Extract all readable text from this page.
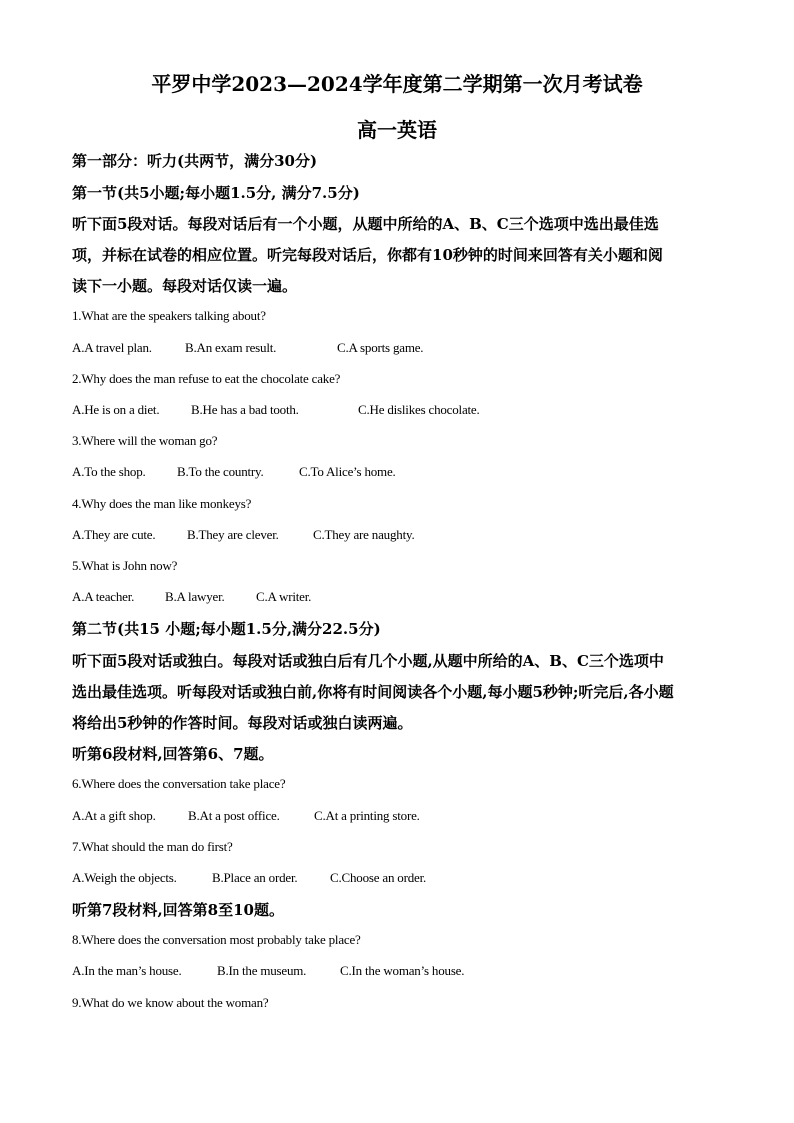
平罗中学2023—2024学年度第二学期第一次月考试卷
高一英语
第一部分：听力(共两节，满分30分)
第一节(共5小题;每小题1.5分, 满分7.5分)
听下面5段对话。每段对话后有一个小题，从题中所给的A、B、C三个选项中选出最佳选
项，并标在试卷的相应位置。听完每段对话后，你都有10秒钟的时间来回答有关小题和阅
读下一小题。每段对话仅读一遍。
1.What are the speakers talking about?
A.A travel plan.	B.An exam result.	C.A sports game.
2.Why does the man refuse to eat the chocolate cake?
A.He is on a diet. B.He has a bad tooth.	C.He dislikes chocolate.
3.Where will the woman go?
A.To the shop. B.To the country.	C.To Alice’s home.
4.Why does the man like monkeys?
A.They are cute. B.They are clever.	C.They are naughty.
5.What is John now?
A.A teacher. B.A lawyer. C.A writer.
第二节(共15 小题;每小题1.5分,满分22.5分)
听下面5段对话或独白。每段对话或独白后有几个小题,从题中所给的A、B、C三个选项中
选出最佳选项。听每段对话或独白前,你将有时间阅读各个小题,每小题5秒钟;听完后,各小题
将给出5秒钟的作答时间。每段对话或独白读两遍。
听第6段材料,回答第6、7题。
6.Where does the conversation take place?
A.At a gift shop. B.At a post office.	C.At a printing store.
7.What should the man do first?
A.Weigh the objects.	B.Place an order.	C.Choose an order.
听第7段材料,回答第8至10题。
8.Where does the conversation most probably take place?
A.In the man’s house.	B.In the museum.	C.In the woman’s house.
9.What do we know about the woman?
